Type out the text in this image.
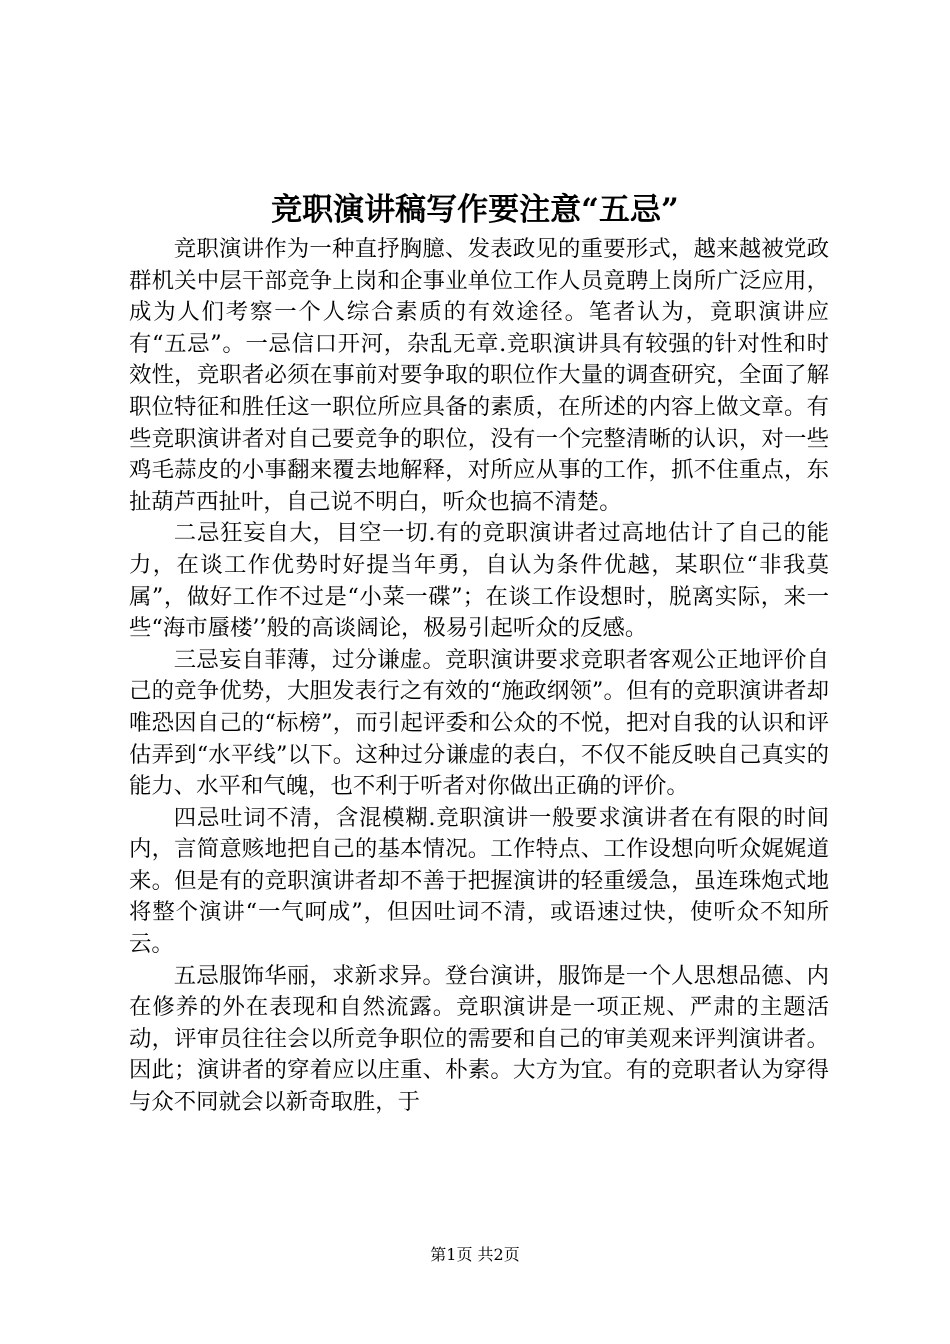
竞职演讲稿写作要注意“五忌”

竞职演讲作为一种直抒胸臆、发表政见的重要形式，越来越被党政群机关中层干部竞争上岗和企事业单位工作人员竟聘上岗所广泛应用，成为人们考察一个人综合素质的有效途径。笔者认为，竟职演讲应有“五忌”。一忌信口开河，杂乱无章.竞职演讲具有较强的针对性和时效性，竞职者必须在事前对要争取的职位作大量的调查研究，全面了解职位特征和胜任这一职位所应具备的素质，在所述的内容上做文章。有些竞职演讲者对自己要竞争的职位，没有一个完整清晰的认识，对一些鸡毛蒜皮的小事翻来覆去地解释，对所应从事的工作，抓不住重点，东扯葫芦西扯叶，自己说不明白，听众也搞不清楚。

二忌狂妄自大，目空一切.有的竞职演讲者过高地估计了自己的能力，在谈工作优势时好提当年勇，自认为条件优越，某职位“非我莫属”，做好工作不过是“小菜一碟”；在谈工作设想时，脱离实际，来一些“海市蜃楼’’般的高谈阔论，极易引起听众的反感。

三忌妄自菲薄，过分谦虚。竞职演讲要求竞职者客观公正地评价自己的竞争优势，大胆发表行之有效的“施政纲领”。但有的竞职演讲者却唯恐因自己的“标榜”，而引起评委和公众的不悦，把对自我的认识和评估弄到“水平线”以下。这种过分谦虚的表白，不仅不能反映自己真实的能力、水平和气魄，也不利于听者对你做出正确的评价。

四忌吐词不清，含混模糊.竞职演讲一般要求演讲者在有限的时间内，言简意赅地把自己的基本情况。工作特点、工作设想向听众娓娓道来。但是有的竞职演讲者却不善于把握演讲的轻重缓急，虽连珠炮式地将整个演讲“一气呵成”，但因吐词不清，或语速过快，使听众不知所云。

五忌服饰华丽，求新求异。登台演讲，服饰是一个人思想品德、内在修养的外在表现和自然流露。竞职演讲是一项正规、严肃的主题活动，评审员往往会以所竞争职位的需要和自己的审美观来评判演讲者。因此；演讲者的穿着应以庄重、朴素。大方为宜。有的竞职者认为穿得与众不同就会以新奇取胜，于

第1页 共2页
